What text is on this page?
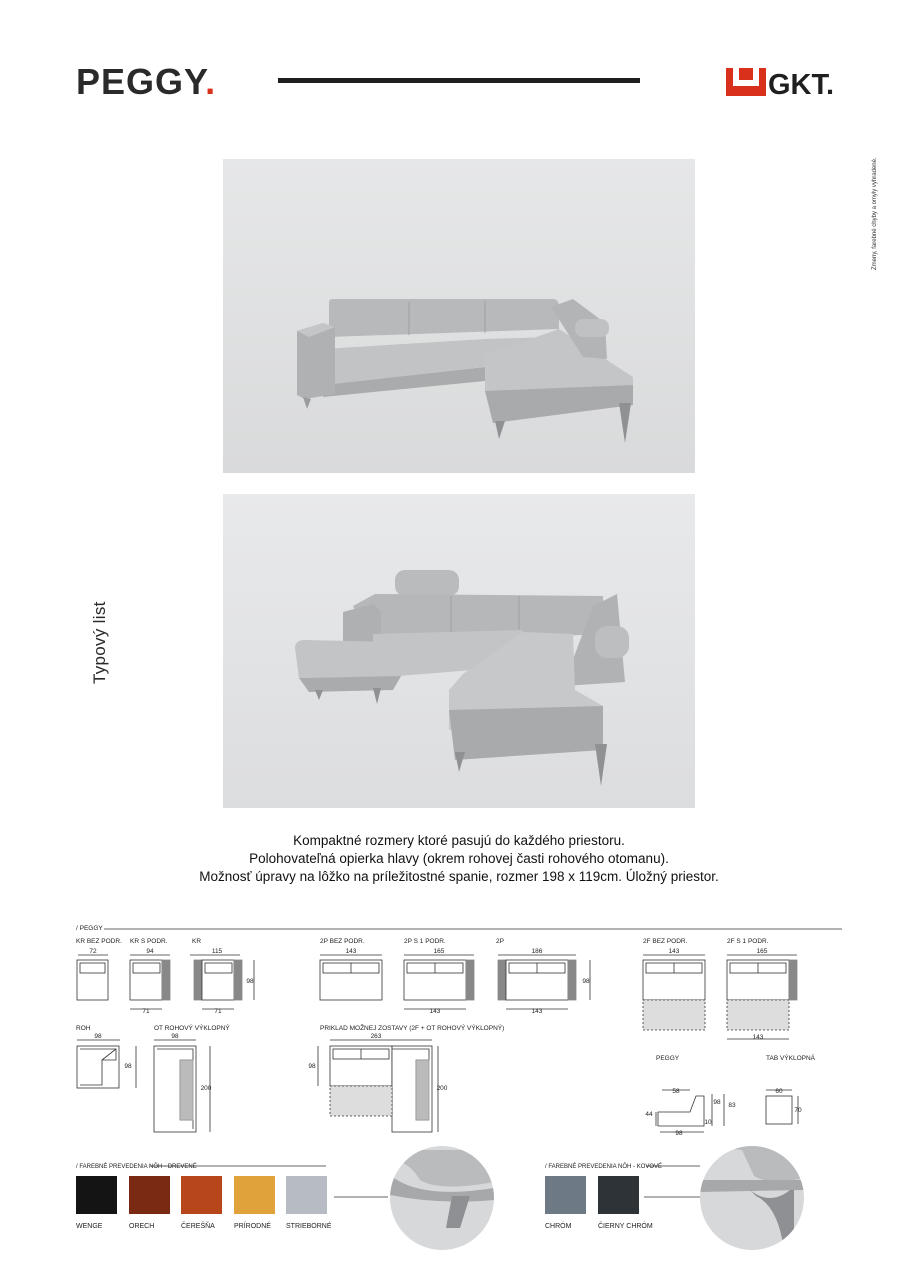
PEGGY.	GKT.
Zmeny, farebné chyby a omyly vyhradené.
Typový list
Kompaktné rozmery ktoré pasujú do každého priestoru.
Polohovateľná opierka hlavy (okrem rohovej časti rohového otomanu).
Možnosť úpravy na lôžko na príležitostné spanie, rozmer 198 x 119cm. Úložný priestor.
/ PEGGY
KR BEZ PODR. KR S PODR.	KR	2P BEZ PODR.	2P S 1 PODR.	2P	2F BEZ PODR.	2F S 1 PODR.
ROH	OT ROHOVÝ VÝKLOPNÝ	PRIKLAD MOŽNEJ ZOSTAVY (2F + OT ROHOVÝ VÝKLOPNÝ)
PEGGY	TAB VÝKLOPNÁ
72	94
71
115
71
98
143	165
143
186
143
98
143	165
143
98
98
98
200
263
98
200	58
44
98 83
98
10
60
70
/ FAREBNÉ PREVEDENIA NÔH - DREVENÉ	/ FAREBNÉ PREVEDENIA NÔH - KOVOVÉ
WENGE	ORECH	ČEREŠŇA	PRÍRODNÉ STRIEBORNÉ	CHRÓM	ČIERNY CHRÓM
